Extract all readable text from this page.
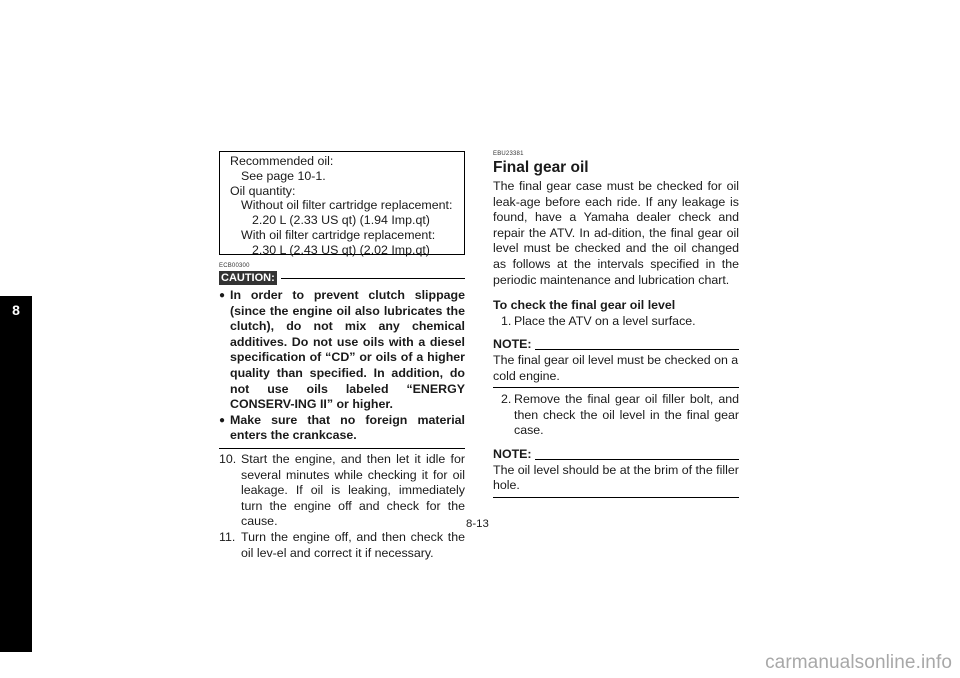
8
Recommended oil:
See page 10-1.
Oil quantity:
Without oil filter cartridge replacement:
2.20 L (2.33 US qt) (1.94 Imp.qt)
With oil filter cartridge replacement:
2.30 L (2.43 US qt) (2.02 Imp.qt)
ECB00300
CAUTION:
● In order to prevent clutch slippage (since the engine oil also lubricates the clutch), do not mix any chemical additives. Do not use oils with a diesel specification of “CD” or oils of a higher quality than specified. In addition, do not use oils labeled “ENERGY CONSERV-ING II” or higher.
● Make sure that no foreign material enters the crankcase.
10. Start the engine, and then let it idle for several minutes while checking it for oil leakage. If oil is leaking, immediately turn the engine off and check for the cause.
11. Turn the engine off, and then check the oil lev-el and correct it if necessary.
EBU23381
Final gear oil
The final gear case must be checked for oil leak-age before each ride. If any leakage is found, have a Yamaha dealer check and repair the ATV. In ad-dition, the final gear oil level must be checked and the oil changed as follows at the intervals specified in the periodic maintenance and lubrication chart.
To check the final gear oil level
1. Place the ATV on a level surface.
NOTE:
The final gear oil level must be checked on a cold engine.
2. Remove the final gear oil filler bolt, and then check the oil level in the final gear case.
NOTE:
The oil level should be at the brim of the filler hole.
8-13
carmanualsonline.info
